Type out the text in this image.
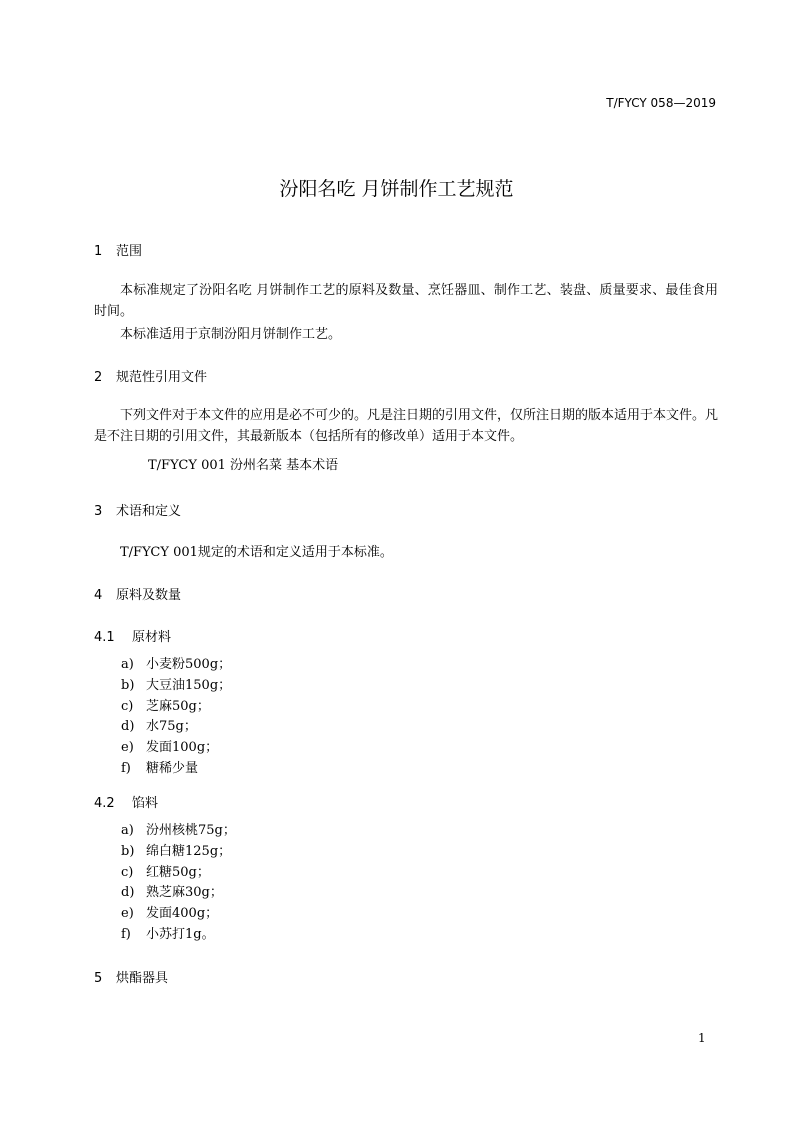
T/FYCY 058—2019
汾阳名吃 月饼制作工艺规范
1 范围
本标准规定了汾阳名吃 月饼制作工艺的原料及数量、烹饪器皿、制作工艺、装盘、质量要求、最佳食用时间。
本标准适用于京制汾阳月饼制作工艺。
2 规范性引用文件
下列文件对于本文件的应用是必不可少的。凡是注日期的引用文件，仅所注日期的版本适用于本文件。凡是不注日期的引用文件，其最新版本（包括所有的修改单）适用于本文件。
T/FYCY 001 汾州名菜 基本术语
3 术语和定义
T/FYCY 001规定的术语和定义适用于本标准。
4 原料及数量
4.1 原材料
a) 小麦粉500g；
b) 大豆油150g；
c) 芝麻50g；
d) 水75g；
e) 发面100g；
f) 糖稀少量
4.2 馅料
a) 汾州核桃75g；
b) 绵白糖125g；
c) 红糖50g；
d) 熟芝麻30g；
e) 发面400g；
f) 小苏打1g。
5 烘酯器具
1
